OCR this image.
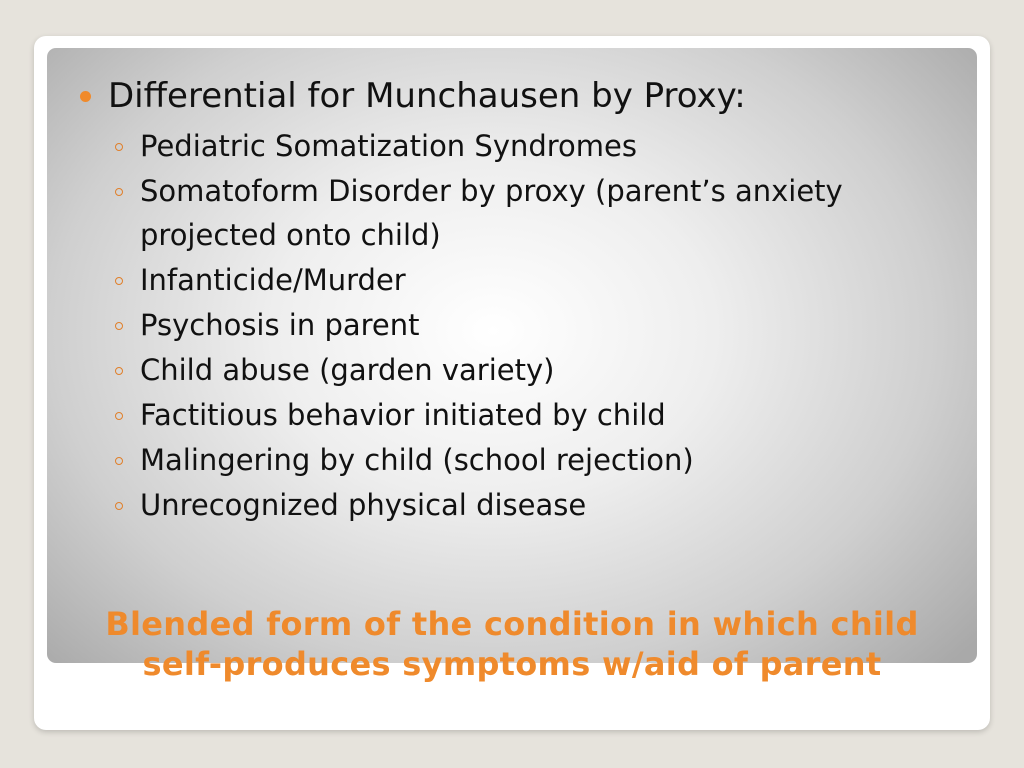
Differential for Munchausen by Proxy:
Pediatric Somatization Syndromes
Somatoform Disorder by proxy (parent’s anxiety projected onto child)
Infanticide/Murder
Psychosis in parent
Child abuse (garden variety)
Factitious behavior initiated by child
Malingering by child (school rejection)
Unrecognized physical disease
Blended form of the condition in which child
self-produces symptoms w/aid of parent
